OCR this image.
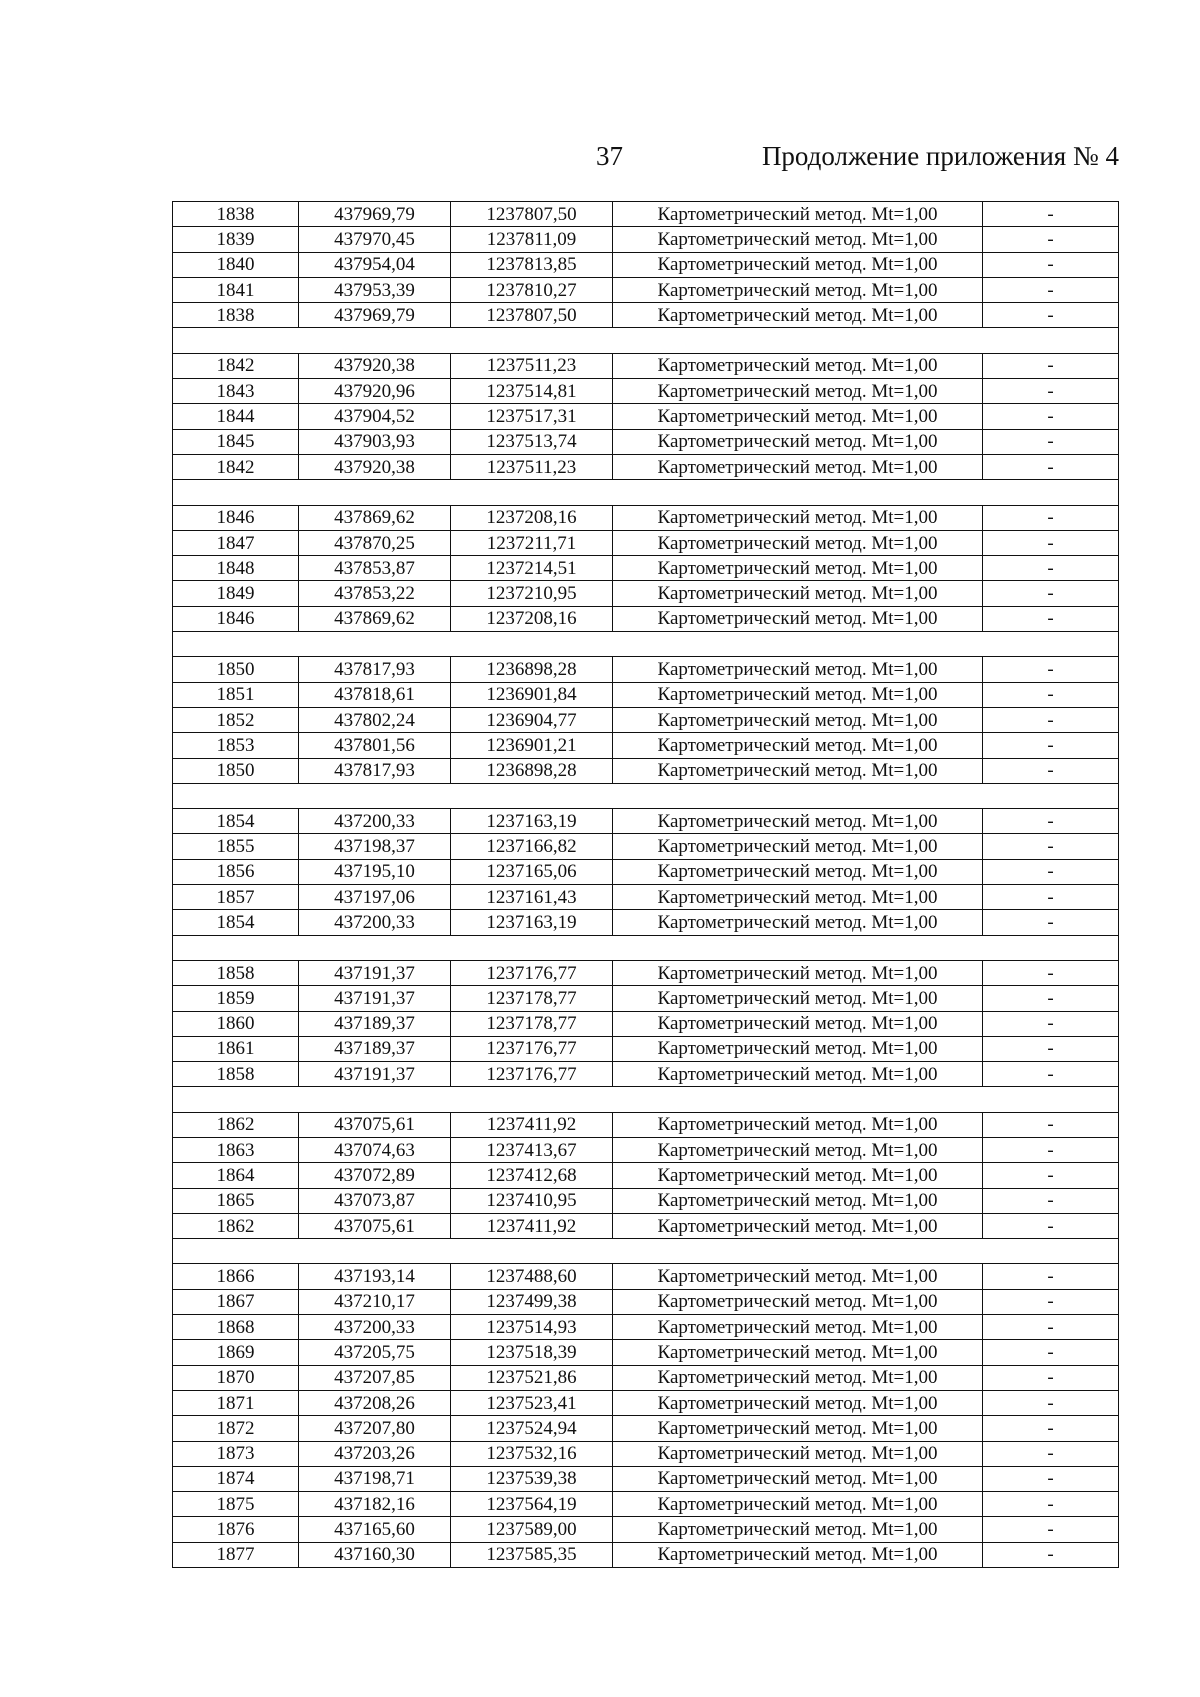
37	Продолжение приложения № 4
1838	437969,79	1237807,50	Картометрический метод. Mt=1,00	-
1839	437970,45	1237811,09	Картометрический метод. Mt=1,00	-
1840	437954,04	1237813,85	Картометрический метод. Mt=1,00	-
1841	437953,39	1237810,27	Картометрический метод. Mt=1,00	-
1838	437969,79	1237807,50	Картометрический метод. Mt=1,00	-

1842	437920,38	1237511,23	Картометрический метод. Mt=1,00	-
1843	437920,96	1237514,81	Картометрический метод. Mt=1,00	-
1844	437904,52	1237517,31	Картометрический метод. Mt=1,00	-
1845	437903,93	1237513,74	Картометрический метод. Mt=1,00	-
1842	437920,38	1237511,23	Картометрический метод. Mt=1,00	-

1846	437869,62	1237208,16	Картометрический метод. Mt=1,00	-
1847	437870,25	1237211,71	Картометрический метод. Mt=1,00	-
1848	437853,87	1237214,51	Картометрический метод. Mt=1,00	-
1849	437853,22	1237210,95	Картометрический метод. Mt=1,00	-
1846	437869,62	1237208,16	Картометрический метод. Mt=1,00	-

1850	437817,93	1236898,28	Картометрический метод. Mt=1,00	-
1851	437818,61	1236901,84	Картометрический метод. Mt=1,00	-
1852	437802,24	1236904,77	Картометрический метод. Mt=1,00	-
1853	437801,56	1236901,21	Картометрический метод. Mt=1,00	-
1850	437817,93	1236898,28	Картометрический метод. Mt=1,00	-

1854	437200,33	1237163,19	Картометрический метод. Mt=1,00	-
1855	437198,37	1237166,82	Картометрический метод. Mt=1,00	-
1856	437195,10	1237165,06	Картометрический метод. Mt=1,00	-
1857	437197,06	1237161,43	Картометрический метод. Mt=1,00	-
1854	437200,33	1237163,19	Картометрический метод. Mt=1,00	-

1858	437191,37	1237176,77	Картометрический метод. Mt=1,00	-
1859	437191,37	1237178,77	Картометрический метод. Mt=1,00	-
1860	437189,37	1237178,77	Картометрический метод. Mt=1,00	-
1861	437189,37	1237176,77	Картометрический метод. Mt=1,00	-
1858	437191,37	1237176,77	Картометрический метод. Mt=1,00	-

1862	437075,61	1237411,92	Картометрический метод. Mt=1,00	-
1863	437074,63	1237413,67	Картометрический метод. Mt=1,00	-
1864	437072,89	1237412,68	Картометрический метод. Mt=1,00	-
1865	437073,87	1237410,95	Картометрический метод. Mt=1,00	-
1862	437075,61	1237411,92	Картометрический метод. Mt=1,00	-

1866	437193,14	1237488,60	Картометрический метод. Mt=1,00	-
1867	437210,17	1237499,38	Картометрический метод. Mt=1,00	-
1868	437200,33	1237514,93	Картометрический метод. Mt=1,00	-
1869	437205,75	1237518,39	Картометрический метод. Mt=1,00	-
1870	437207,85	1237521,86	Картометрический метод. Mt=1,00	-
1871	437208,26	1237523,41	Картометрический метод. Mt=1,00	-
1872	437207,80	1237524,94	Картометрический метод. Mt=1,00	-
1873	437203,26	1237532,16	Картометрический метод. Mt=1,00	-
1874	437198,71	1237539,38	Картометрический метод. Mt=1,00	-
1875	437182,16	1237564,19	Картометрический метод. Mt=1,00	-
1876	437165,60	1237589,00	Картометрический метод. Mt=1,00	-
1877	437160,30	1237585,35	Картометрический метод. Mt=1,00	-
